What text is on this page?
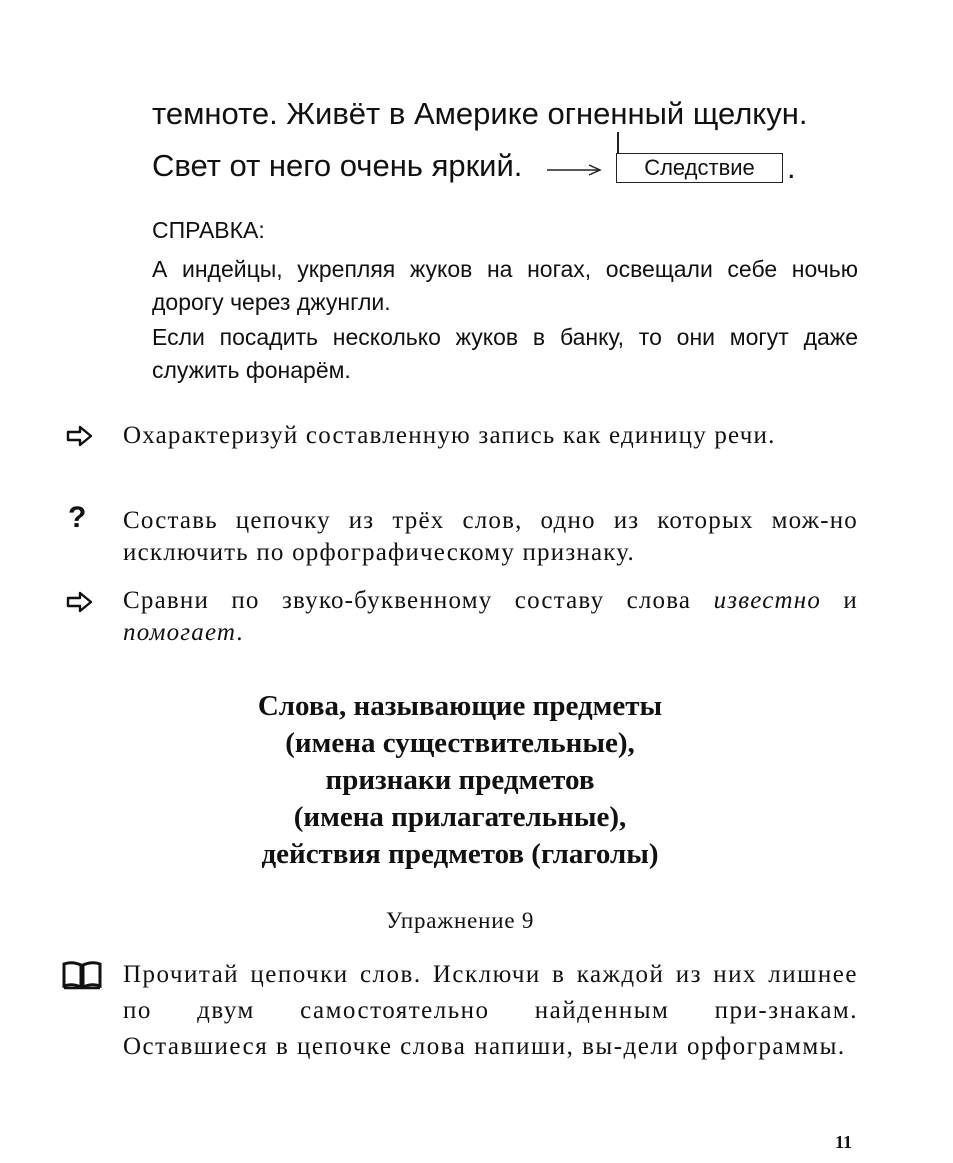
темноте. Живёт в Америке огненный щелкун.
Свет от него очень яркий.	Следствие	.
СПРАВКА:
А индейцы, укрепляя жуков на ногах, освещали себе ночью дорогу через джунгли.
Если посадить несколько жуков в банку, то они могут даже служить фонарём.
Охарактеризуй составленную запись как единицу речи.
? Составь цепочку из трёх слов, одно из которых мож-но исключить по орфографическому признаку.
Сравни по звуко-буквенному составу слова известно и помогает.
Слова, называющие предметы
(имена существительные),
признаки предметов
(имена прилагательные),
действия предметов (глаголы)
Упражнение 9
Прочитай цепочки слов. Исключи в каждой из них лишнее по двум самостоятельно найденным при-знакам. Оставшиеся в цепочке слова напиши, вы-дели орфограммы.
11
